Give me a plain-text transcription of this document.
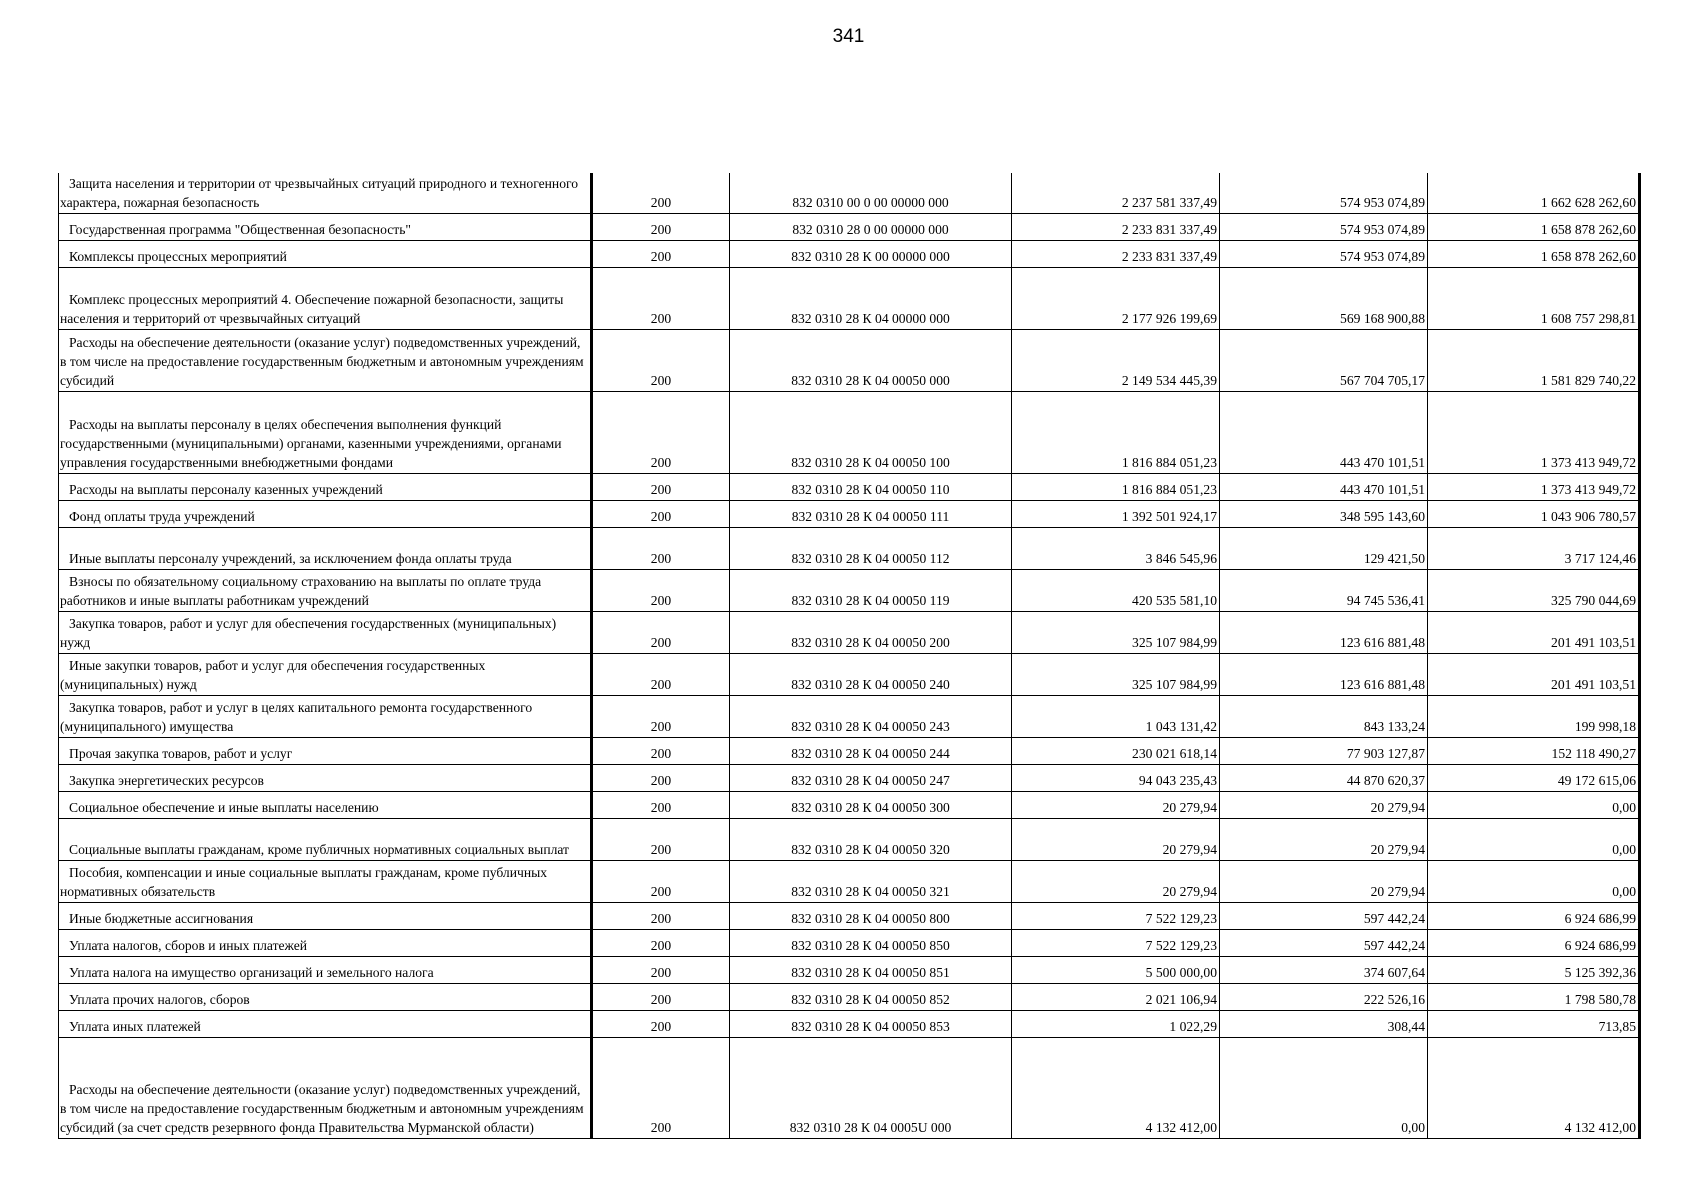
341
Защита населения и территории от чрезвычайных ситуаций природного и техногенного характера, пожарная безопасность	200	832 0310 00 0 00 00000 000	2 237 581 337,49	574 953 074,89	1 662 628 262,60
Государственная программа "Общественная безопасность"	200	832 0310 28 0 00 00000 000	2 233 831 337,49	574 953 074,89	1 658 878 262,60
Комплексы процессных мероприятий	200	832 0310 28 К 00 00000 000	2 233 831 337,49	574 953 074,89	1 658 878 262,60
Комплекс процессных мероприятий 4. Обеспечение пожарной безопасности, защиты населения и территорий от чрезвычайных ситуаций	200	832 0310 28 К 04 00000 000	2 177 926 199,69	569 168 900,88	1 608 757 298,81
Расходы на обеспечение деятельности (оказание услуг) подведомственных учреждений, в том числе на предоставление государственным бюджетным и автономным учреждениям субсидий	200	832 0310 28 К 04 00050 000	2 149 534 445,39	567 704 705,17	1 581 829 740,22
Расходы на выплаты персоналу в целях обеспечения выполнения функций государственными (муниципальными) органами, казенными учреждениями, органами управления государственными внебюджетными фондами	200	832 0310 28 К 04 00050 100	1 816 884 051,23	443 470 101,51	1 373 413 949,72
Расходы на выплаты персоналу казенных учреждений	200	832 0310 28 К 04 00050 110	1 816 884 051,23	443 470 101,51	1 373 413 949,72
Фонд оплаты труда учреждений	200	832 0310 28 К 04 00050 111	1 392 501 924,17	348 595 143,60	1 043 906 780,57
Иные выплаты персоналу учреждений, за исключением фонда оплаты труда	200	832 0310 28 К 04 00050 112	3 846 545,96	129 421,50	3 717 124,46
Взносы по обязательному социальному страхованию на выплаты по оплате труда работников и иные выплаты работникам учреждений	200	832 0310 28 К 04 00050 119	420 535 581,10	94 745 536,41	325 790 044,69
Закупка товаров, работ и услуг для обеспечения государственных (муниципальных) нужд	200	832 0310 28 К 04 00050 200	325 107 984,99	123 616 881,48	201 491 103,51
Иные закупки товаров, работ и услуг для обеспечения государственных (муниципальных) нужд	200	832 0310 28 К 04 00050 240	325 107 984,99	123 616 881,48	201 491 103,51
Закупка товаров, работ и услуг в целях капитального ремонта государственного (муниципального) имущества	200	832 0310 28 К 04 00050 243	1 043 131,42	843 133,24	199 998,18
Прочая закупка товаров, работ и услуг	200	832 0310 28 К 04 00050 244	230 021 618,14	77 903 127,87	152 118 490,27
Закупка энергетических ресурсов	200	832 0310 28 К 04 00050 247	94 043 235,43	44 870 620,37	49 172 615,06
Социальное обеспечение и иные выплаты населению	200	832 0310 28 К 04 00050 300	20 279,94	20 279,94	0,00
Социальные выплаты гражданам, кроме публичных нормативных социальных выплат	200	832 0310 28 К 04 00050 320	20 279,94	20 279,94	0,00
Пособия, компенсации и иные социальные выплаты гражданам, кроме публичных нормативных обязательств	200	832 0310 28 К 04 00050 321	20 279,94	20 279,94	0,00
Иные бюджетные ассигнования	200	832 0310 28 К 04 00050 800	7 522 129,23	597 442,24	6 924 686,99
Уплата налогов, сборов и иных платежей	200	832 0310 28 К 04 00050 850	7 522 129,23	597 442,24	6 924 686,99
Уплата налога на имущество организаций и земельного налога	200	832 0310 28 К 04 00050 851	5 500 000,00	374 607,64	5 125 392,36
Уплата прочих налогов, сборов	200	832 0310 28 К 04 00050 852	2 021 106,94	222 526,16	1 798 580,78
Уплата иных платежей	200	832 0310 28 К 04 00050 853	1 022,29	308,44	713,85
Расходы на обеспечение деятельности (оказание услуг) подведомственных учреждений, в том числе на предоставление государственным бюджетным и автономным учреждениям субсидий (за счет средств резервного фонда Правительства Мурманской области)	200	832 0310 28 К 04 0005U 000	4 132 412,00	0,00	4 132 412,00
